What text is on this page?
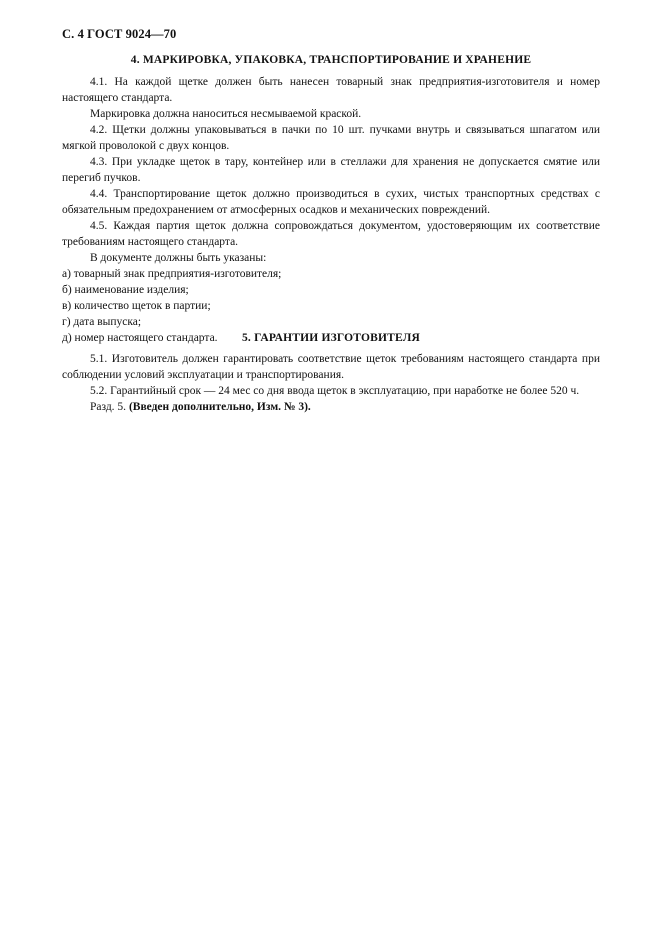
С. 4 ГОСТ 9024—70
4. МАРКИРОВКА, УПАКОВКА, ТРАНСПОРТИРОВАНИЕ И ХРАНЕНИЕ

4.1. На каждой щетке должен быть нанесен товарный знак предприятия-изготовителя и номер настоящего стандарта.

Маркировка должна наноситься несмываемой краской.

4.2. Щетки должны упаковываться в пачки по 10 шт. пучками внутрь и связываться шпагатом или мягкой проволокой с двух концов.

4.3. При укладке щеток в тару, контейнер или в стеллажи для хранения не допускается смятие или перегиб пучков.

4.4. Транспортирование щеток должно производиться в сухих, чистых транспортных средствах с обязательным предохранением от атмосферных осадков и механических повреждений.

4.5. Каждая партия щеток должна сопровождаться документом, удостоверяющим их соответствие требованиям настоящего стандарта.

В документе должны быть указаны:

а) товарный знак предприятия-изготовителя;

б) наименование изделия;

в) количество щеток в партии;

г) дата выпуска;

д) номер настоящего стандарта.	5. ГАРАНТИИ ИЗГОТОВИТЕЛЯ

5.1. Изготовитель должен гарантировать соответствие щеток требованиям настоящего стандарта при соблюдении условий эксплуатации и транспортирования.

5.2. Гарантийный срок — 24 мес со дня ввода щеток в эксплуатацию, при наработке не более 520 ч.

Разд. 5. (Введен дополнительно, Изм. № 3).
